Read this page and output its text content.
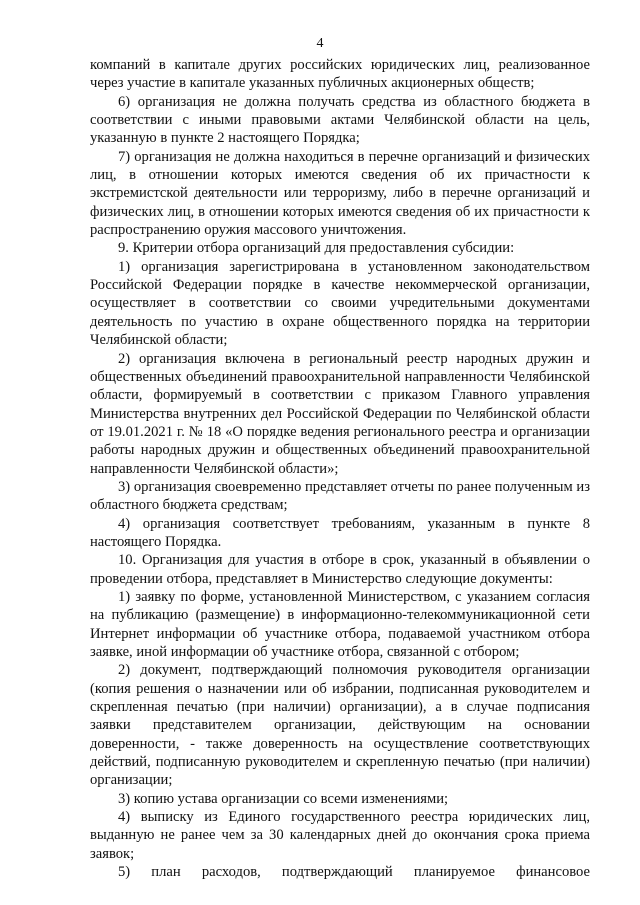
4

компаний в капитале других российских юридических лиц, реализованное через участие в капитале указанных публичных акционерных обществ;

6) организация не должна получать средства из областного бюджета в соответствии с иными правовыми актами Челябинской области на цель, указанную в пункте 2 настоящего Порядка;

7) организация не должна находиться в перечне организаций и физических лиц, в отношении которых имеются сведения об их причастности к экстремистской деятельности или терроризму, либо в перечне организаций и физических лиц, в отношении которых имеются сведения об их причастности к распространению оружия массового уничтожения.

9. Критерии отбора организаций для предоставления субсидии:

1) организация зарегистрирована в установленном законодательством Российской Федерации порядке в качестве некоммерческой организации, осуществляет в соответствии со своими учредительными документами деятельность по участию в охране общественного порядка на территории Челябинской области;

2) организация включена в региональный реестр народных дружин и общественных объединений правоохранительной направленности Челябинской области, формируемый в соответствии с приказом Главного управления Министерства внутренних дел Российской Федерации по Челябинской области от 19.01.2021 г. № 18 «О порядке ведения регионального реестра и организации работы народных дружин и общественных объединений правоохранительной направленности Челябинской области»;

3) организация своевременно представляет отчеты по ранее полученным из областного бюджета средствам;

4) организация соответствует требованиям, указанным в пункте 8 настоящего Порядка.

10. Организация для участия в отборе в срок, указанный в объявлении о проведении отбора, представляет в Министерство следующие документы:

1) заявку по форме, установленной Министерством, с указанием согласия на публикацию (размещение) в информационно-телекоммуникационной сети Интернет информации об участнике отбора, подаваемой участником отбора заявке, иной информации об участнике отбора, связанной с отбором;

2) документ, подтверждающий полномочия руководителя организации (копия решения о назначении или об избрании, подписанная руководителем и скрепленная печатью (при наличии) организации), а в случае подписания заявки представителем организации, действующим на основании доверенности, - также доверенность на осуществление соответствующих действий, подписанную руководителем и скрепленную печатью (при наличии) организации;

3) копию устава организации со всеми изменениями;

4) выписку из Единого государственного реестра юридических лиц, выданную не ранее чем за 30 календарных дней до окончания срока приема заявок;

5) план расходов, подтверждающий планируемое финансовое
